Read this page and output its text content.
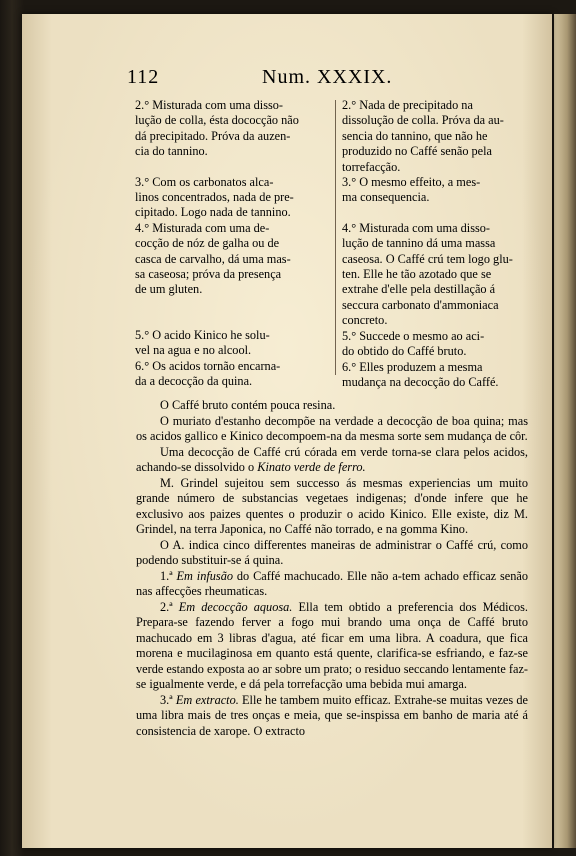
112	Num. XXXIX.

2.° Misturada com uma disso-

lução de colla, ésta dococção não

dá precipitado. Próva da auzen-

cia do tannino.

3.° Com os carbonatos alca-

linos concentrados, nada de pre-

cipitado. Logo nada de tannino.

4.° Misturada com uma de-

cocção de nóz de galha ou de

casca de carvalho, dá uma mas-

sa caseosa; próva da presença

de um gluten.

5.° O acido Kinico he solu-

vel na agua e no alcool.

6.° Os acidos tornão encarna-

da a decocção da quina.

2.° Nada de precipitado na

dissolução de colla. Próva da au-

sencia do tannino, que não he

produzido no Caffé senão pela

torrefacção.

3.° O mesmo effeito, a mes-

ma consequencia.

4.° Misturada com uma disso-

lução de tannino dá uma massa

caseosa. O Caffé crú tem logo glu-

ten. Elle he tão azotado que se

extrahe d'elle pela destillação á

seccura carbonato d'ammoniaca

concreto.

5.° Succede o mesmo ao aci-

do obtido do Caffé bruto.

6.° Elles produzem a mesma

mudança na decocção do Caffé.

O Caffé bruto contém pouca resina.

O muriato d'estanho decompõe na verdade a decocção de boa quina; mas os acidos gallico e Kinico decompoem-na da mesma sorte sem mudança de côr.

Uma decocção de Caffé crú córada em verde torna-se clara pelos acidos, achando-se dissolvido o Kinato verde de ferro.

M. Grindel sujeitou sem successo ás mesmas experiencias um muito grande número de substancias vegetaes indigenas; d'onde infere que he exclusivo aos paizes quentes o produzir o acido Kinico. Elle existe, diz M. Grindel, na terra Japonica, no Caffé não torrado, e na gomma Kino.

O A. indica cinco differentes maneiras de administrar o Caffé crú, como podendo substituir-se á quina.

1.ª Em infusão do Caffé machucado. Elle não a-tem achado efficaz senão nas affecções rheumaticas.

2.ª Em decocção aquosa. Ella tem obtido a preferencia dos Médicos. Prepara-se fazendo ferver a fogo mui brando uma onça de Caffé bruto machucado em 3 libras d'agua, até ficar em uma libra. A coadura, que fica morena e mucilaginosa em quanto está quente, clarifica-se esfriando, e faz-se verde estando exposta ao ar sobre um prato; o residuo seccando lentamente faz-se igualmente verde, e dá pela torrefacção uma bebida mui amarga.

3.ª Em extracto. Elle he tambem muito efficaz. Extrahe-se muitas vezes de uma libra mais de tres onças e meia, que se-inspissa em banho de maria até á consistencia de xarope. O extracto
